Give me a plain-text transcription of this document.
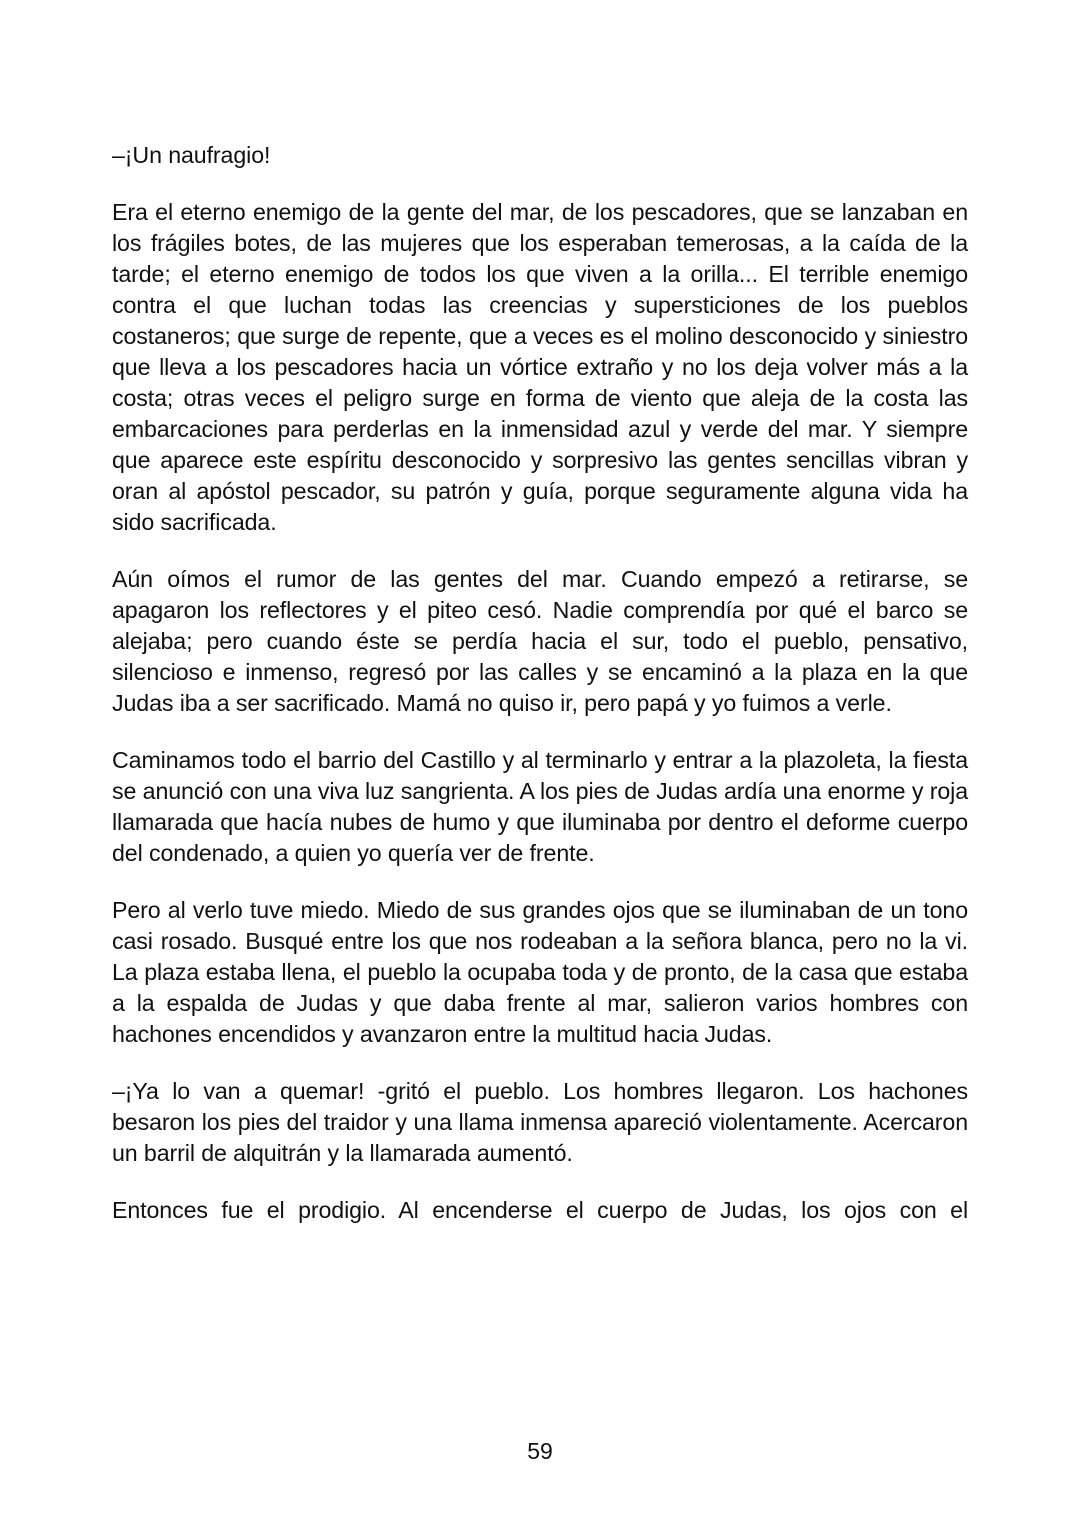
–¡Un naufragio!

Era el eterno enemigo de la gente del mar, de los pescadores, que se lanzaban en los frágiles botes, de las mujeres que los esperaban temerosas, a la caída de la tarde; el eterno enemigo de todos los que viven a la orilla... El terrible enemigo contra el que luchan todas las creencias y supersticiones de los pueblos costaneros; que surge de repente, que a veces es el molino desconocido y siniestro que lleva a los pescadores hacia un vórtice extraño y no los deja volver más a la costa; otras veces el peligro surge en forma de viento que aleja de la costa las embarcaciones para perderlas en la inmensidad azul y verde del mar. Y siempre que aparece este espíritu desconocido y sorpresivo las gentes sencillas vibran y oran al apóstol pescador, su patrón y guía, porque seguramente alguna vida ha sido sacrificada.

Aún oímos el rumor de las gentes del mar. Cuando empezó a retirarse, se apagaron los reflectores y el piteo cesó. Nadie comprendía por qué el barco se alejaba; pero cuando éste se perdía hacia el sur, todo el pueblo, pensativo, silencioso e inmenso, regresó por las calles y se encaminó a la plaza en la que Judas iba a ser sacrificado. Mamá no quiso ir, pero papá y yo fuimos a verle.

Caminamos todo el barrio del Castillo y al terminarlo y entrar a la plazoleta, la fiesta se anunció con una viva luz sangrienta. A los pies de Judas ardía una enorme y roja llamarada que hacía nubes de humo y que iluminaba por dentro el deforme cuerpo del condenado, a quien yo quería ver de frente.

Pero al verlo tuve miedo. Miedo de sus grandes ojos que se iluminaban de un tono casi rosado. Busqué entre los que nos rodeaban a la señora blanca, pero no la vi. La plaza estaba llena, el pueblo la ocupaba toda y de pronto, de la casa que estaba a la espalda de Judas y que daba frente al mar, salieron varios hombres con hachones encendidos y avanzaron entre la multitud hacia Judas.

–¡Ya lo van a quemar! -gritó el pueblo. Los hombres llegaron. Los hachones besaron los pies del traidor y una llama inmensa apareció violentamente. Acercaron un barril de alquitrán y la llamarada aumentó.

Entonces fue el prodigio. Al encenderse el cuerpo de Judas, los ojos con el

59
